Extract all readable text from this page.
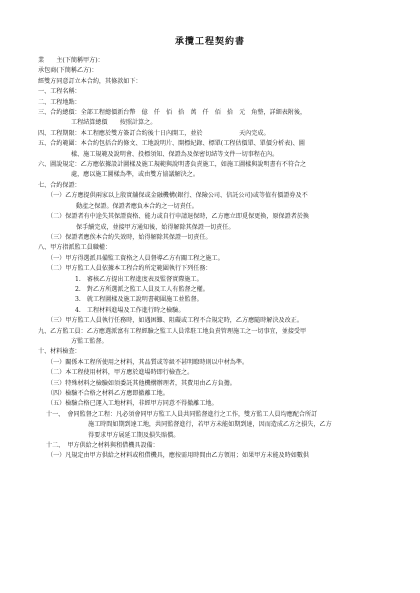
承攬工程契約書

業　　主(下簡稱甲方)：

承包商(下簡稱乙方)：

經雙方同意訂立本合約，其條款如下：

一、工程名稱：

二、工程地點：

三、合約總價：全部工程總價新台幣　億　仟　佰　拾　萬　仟　佰　拾　元　角整，詳細表附後，

工程結算總價　　按照計算之。

四、工程期限：本工程應於雙方簽訂合約後十日內開工，並於　　　　　　天內完成。

五、合約範圍：本合約包括合約條文、工地說明片、開標紀錄、標單(工程估價單、單價分析表)、圖

樣、施工規範及說明會、投標須知、保證為及保密切結等文件一切事程在內。

六、圖說規定：乙方應依據設計圖樣及施工規範與說明書負責施工，如施工圖樣與說明書有不符合之

處，應以施工圖樣為準，或由雙方協議解決之。

七、合約保證：

（一）乙方應提供兩家以上殷實舖保或金融機構(銀行、保險公司、信託公司)或等值有價證券及不

動產之保證。保證者應負本合約之一切責任。

（二）保證者有中途失其保證資格、能力或自行申請退保時，乙方應立即覓保更換，原保證者於換

保手續完成，並接甲方通知後，始得解除其保證一切責任。

（三）保證者應俟本合約失效時，始得解除其保證一切責任。

八、甲方指派監工員職權：

（一）甲方得選派具備監工資格之人員督導乙方有關工程之施工。

（二）甲方監工人員依據本工程合約所定範圍執行下列任務：

1.　審核乙方提出工程進度表及監督實際施工。

2.　對乙方所選派之監工人員及工人有監督之權。

3.　就工程圖樣及施工說明書範圍施工並監督。

4.　工程材料進場及工作進行時之檢驗。

（三）甲方監工人員執行任務時，如遇困難、阻礙或工程不合規定時，乙方應隨時解決及改正。

九、乙方監工員：乙方應選派富有工程經驗之監工人員常駐工地負責管理施工之一切事宜，並接受甲

方監工監督。

十、材料檢查：

（一）關係本工程所使用之材料，其品質或等級不甚明瞭時則以中材為準。

（二）本工程使用材料，甲方應於進場時即行檢查之。

（三）特殊材料之檢驗如須委託其他機構辦理者，其費用由乙方負擔。

（四）檢驗不合格之材料乙方應即撤離工地。

（五）檢驗合格已運入工地材料，非經甲方同意不得撤離工地。

十一、　會同監督之工程：凡必須會同甲方監工人員共同監督進行之工作，雙方監工人員均應配合所訂

施工時間如期到達工地，共同監督進行，若甲方未能如期到達，因而造成乙方之損失，乙方

得要求甲方展延工期及損失賠償。

十二、　甲方供給之材料與租借機具設備：

（一）凡規定由甲方供給之材料或租借機具，應按需用時間由乙方領用；如果甲方未能及時如數供
